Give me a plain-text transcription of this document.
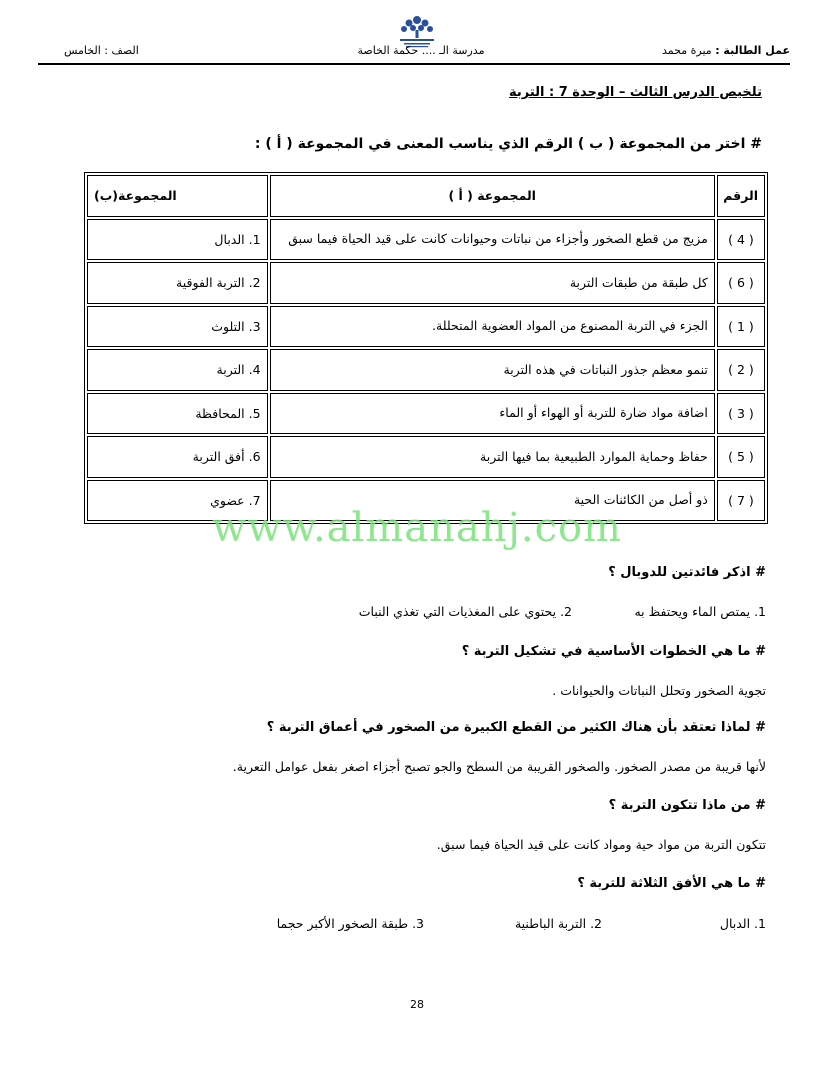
عمل الطالبة : ميرة محمد
مدرسة الـ .... حكمة الخاصة
الصف : الخامس
تلخيص الدرس الثالث – الوحدة 7 : التربة
# اختر من المجموعة ( ب ) الرقم الذي يناسب المعنى في المجموعة ( أ ) :
الرقم	المجموعة ( أ )	المجموعة(ب)
( 4 )	مزيج من قطع الصخور وأجزاء من نباتات وحيوانات كانت على قيد الحياة فيما سبق	1. الدبال
( 6 )	كل طبقة من طبقات التربة	2. التربة الفوقية
( 1 )	الجزء في التربة المصنوع من المواد العضوية المتحللة.	3. التلوث
( 2 )	تنمو معظم جذور النباتات في هذه التربة	4. التربة
( 3 )	اضافة مواد ضارة للتربة أو الهواء أو الماء	5. المحافظة
( 5 )	حفاظ وحماية الموارد الطبيعية بما فيها التربة	6. أفق التربة
( 7 )	ذو أصل من الكائنات الحية	7. عضوي
www.almanahj.com
# اذكر فائدتين للدوبال ؟
1. يمتص الماء ويحتفظ به
2. يحتوي على المغذيات التي تغذي النبات
# ما هي الخطوات الأساسية في تشكيل التربة ؟
تجوية الصخور وتحلل النباتات والحيوانات .
# لماذا تعتقد بأن هناك الكثير من القطع الكبيرة من الصخور في أعماق التربة ؟
لأنها قريبة من مصدر الصخور. والصخور القريبة من السطح والجو تصبح أجزاء اصغر بفعل عوامل التعرية.
# من ماذا تتكون التربة ؟
تتكون التربة من مواد حية ومواد كانت على قيد الحياة فيما سبق.
# ما هي الأفق الثلاثة للتربة ؟
1. الدبال
2. التربة الباطنية
3. طبقة الصخور الأكبر حجما
28
